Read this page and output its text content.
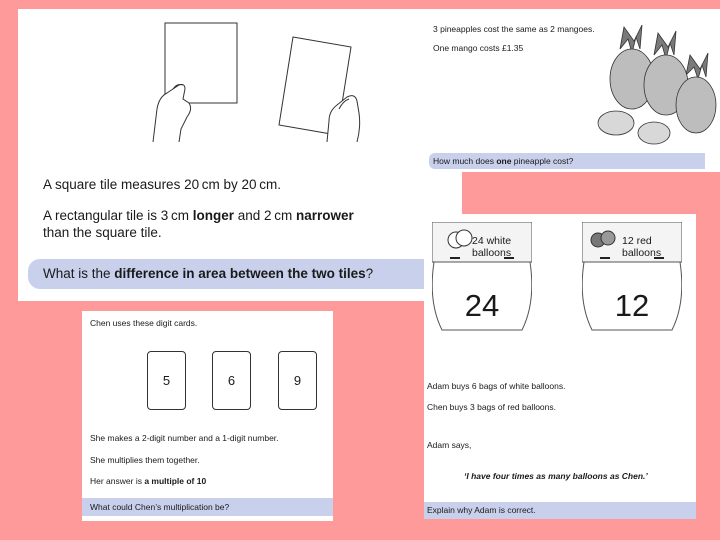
A square tile measures 20 cm by 20 cm.
A rectangular tile is 3 cm longer and 2 cm narrower
than the square tile.
What is the difference in area between the two tiles?
3 pineapples cost the same as 2 mangoes.
One mango costs £1.35
How much does one pineapple cost?
24 white
balloons
24
12 red
balloons
12
Adam buys 6 bags of white balloons.
Chen buys 3 bags of red balloons.
Adam says,
‘I have four times as many balloons as Chen.’
Explain why Adam is correct.
Chen uses these digit cards.
5	6	9
She makes a 2-digit number and a 1-digit number.
She multiplies them together.
Her answer is a multiple of 10
What could Chen’s multiplication be?
